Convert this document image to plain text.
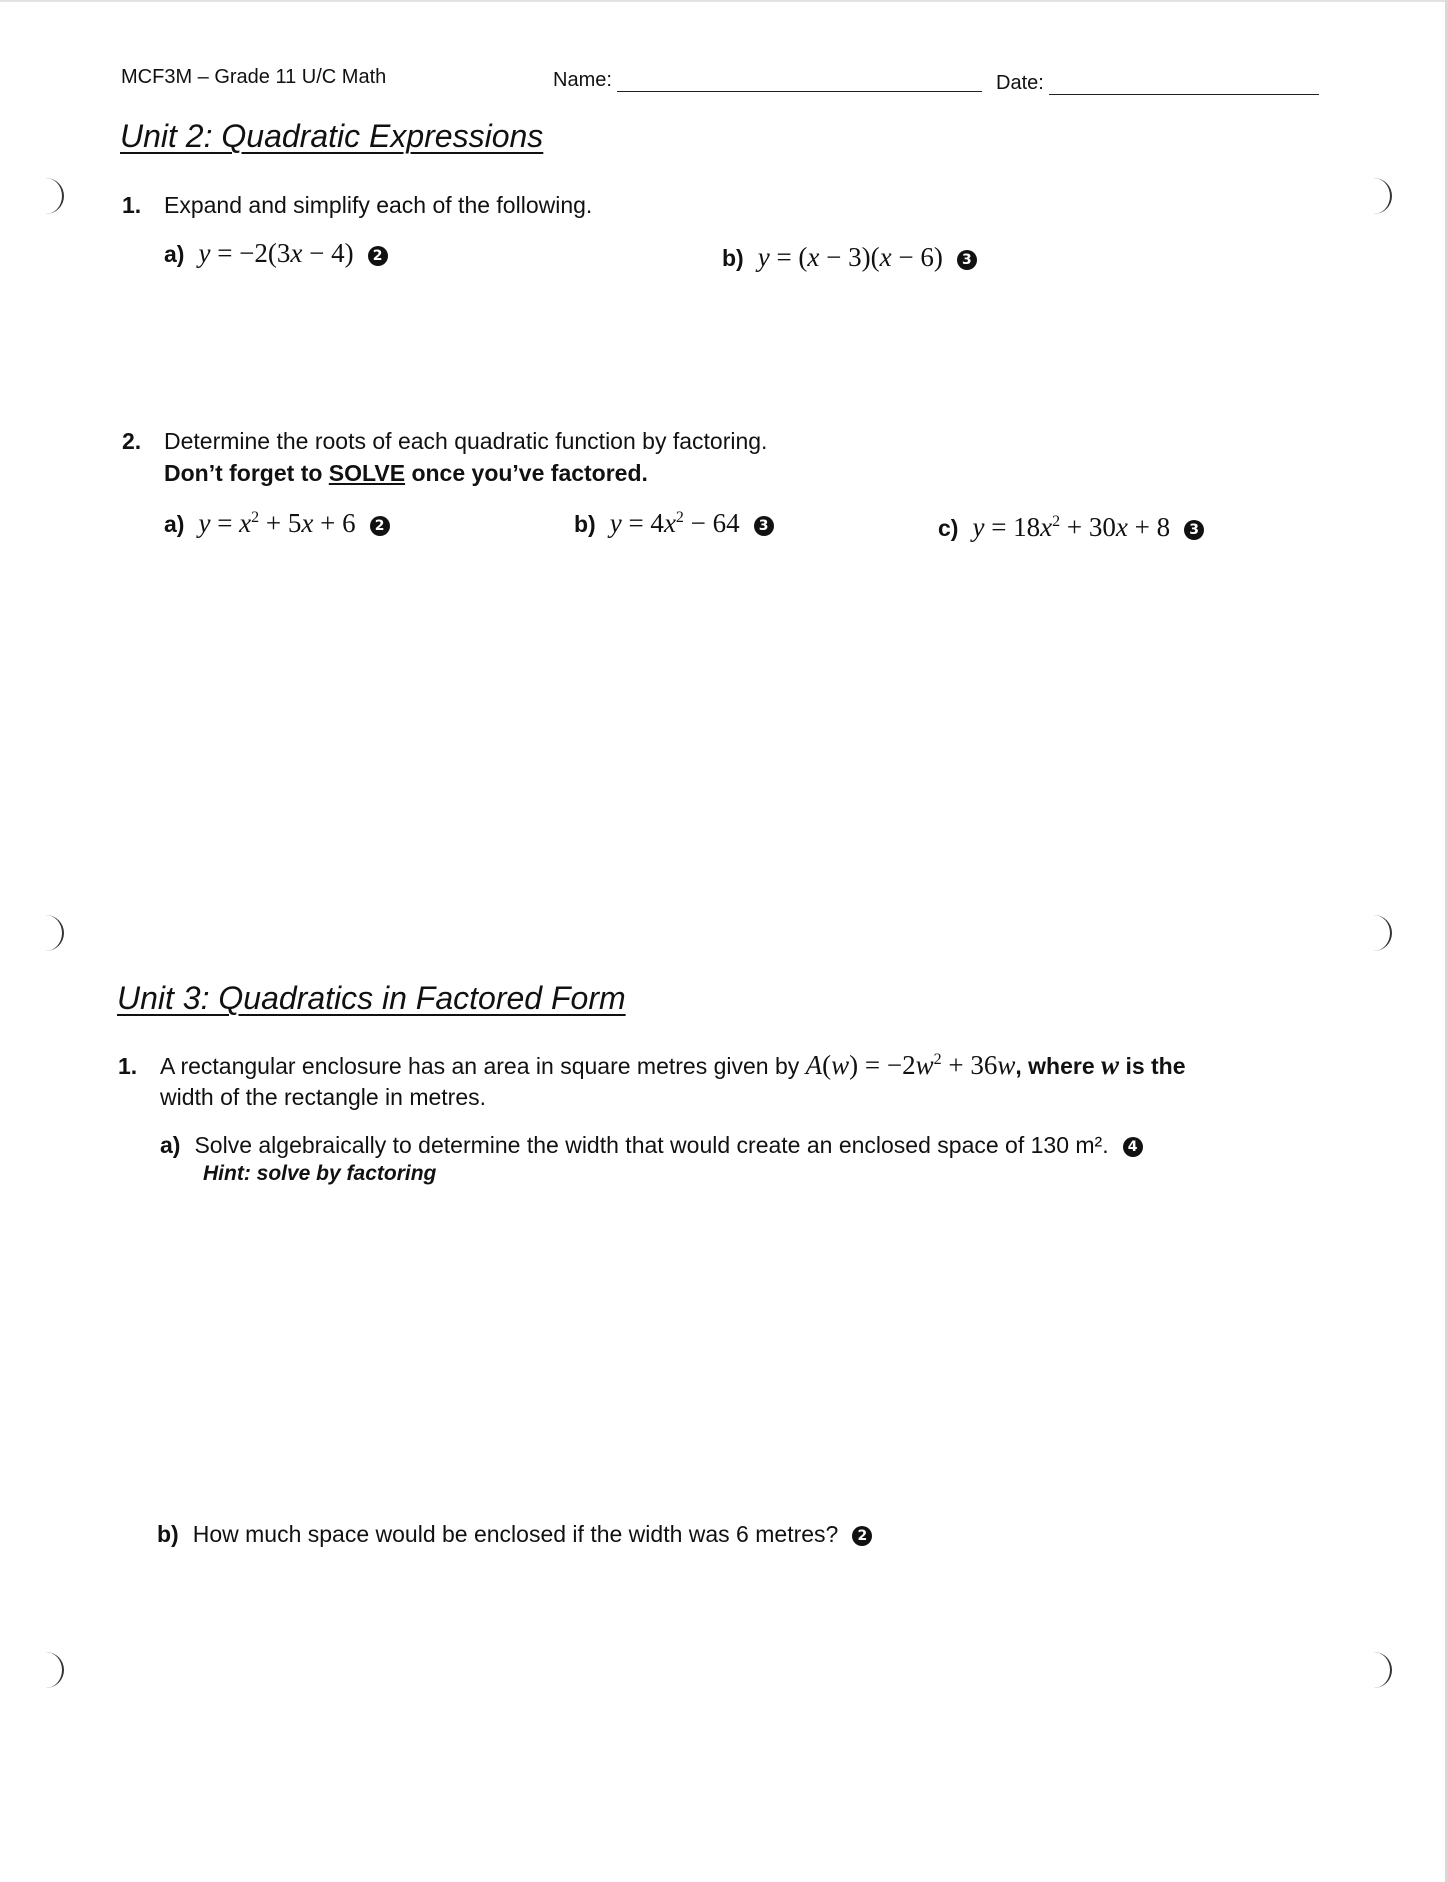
MCF3M – Grade 11 U/C Math	Name:	Date:
Unit 2: Quadratic Expressions
1. Expand and simplify each of the following.
a) y = −2(3x − 4) 2	b) y = (x − 3)(x − 6) 3
2. Determine the roots of each quadratic function by factoring.
Don’t forget to SOLVE once you’ve factored.
a) $y = x^2 + 5x + 6$ 2	b) $y = 4x^2 - 64$ 3	c) $y = 18x^2 + 30x + 8$ 3
Unit 3: Quadratics in Factored Form
1. A rectangular enclosure has an area in square metres given by $A(w) = -2w^2 + 36w$, where w is the
width of the rectangle in metres.
a) Solve algebraically to determine the width that would create an enclosed space of 130 m². 4
Hint: solve by factoring
b) How much space would be enclosed if the width was 6 metres? 2
